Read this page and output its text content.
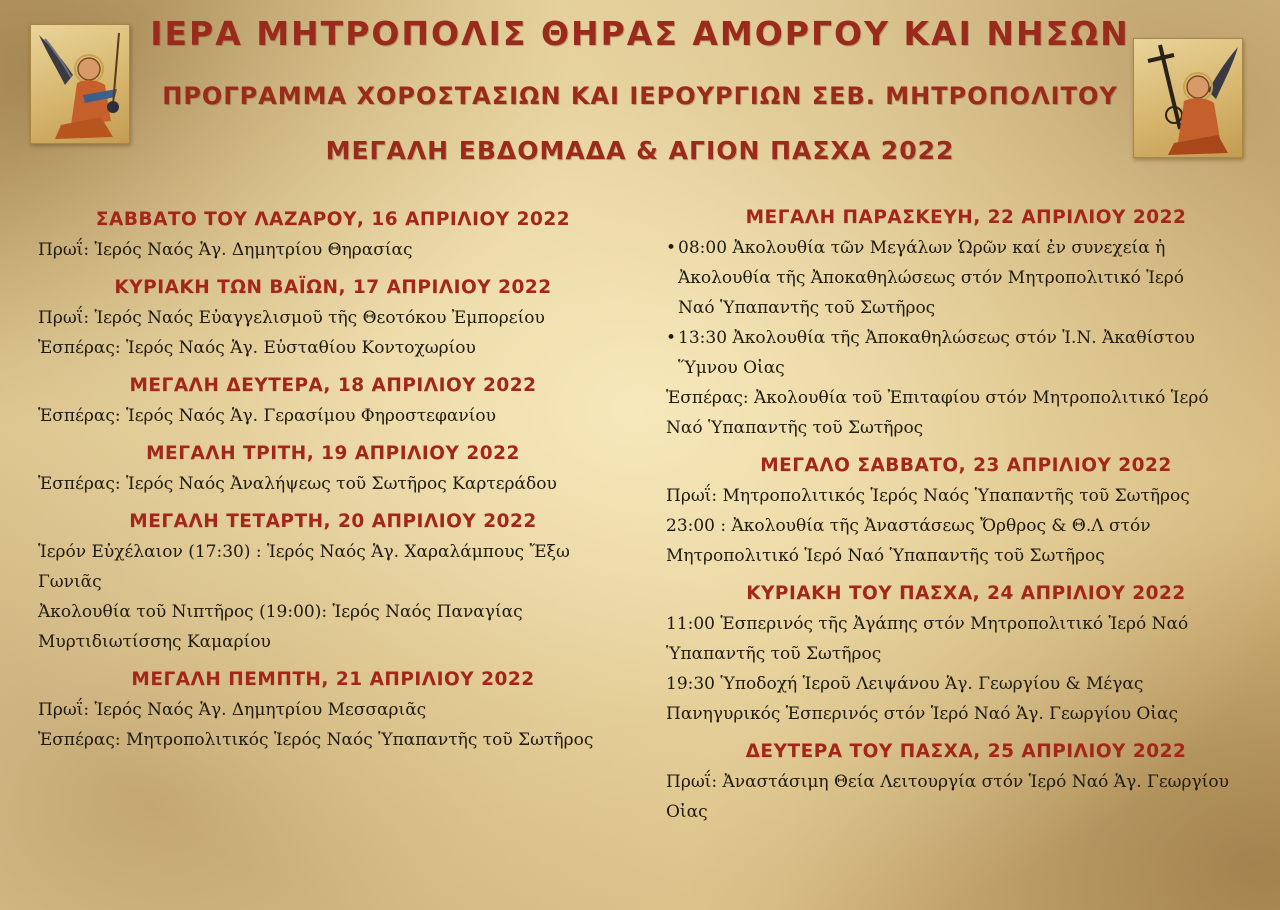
ΙΕΡΑ ΜΗΤΡΟΠΟΛΙΣ ΘΗΡΑΣ ΑΜΟΡΓΟΥ ΚΑΙ ΝΗΣΩΝ
ΠΡΟΓΡΑΜΜΑ ΧΟΡΟΣΤΑΣΙΩΝ ΚΑΙ ΙΕΡΟΥΡΓΙΩΝ ΣΕΒ. ΜΗΤΡΟΠΟΛΙΤΟΥ
ΜΕΓΑΛΗ ΕΒΔΟΜΑΔΑ & ΑΓΙΟΝ ΠΑΣΧΑ 2022
ΣΑΒΒΑΤΟ ΤΟΥ ΛΑΖΑΡΟΥ, 16 ΑΠΡΙΛΙΟΥ 2022
Πρωΐ: Ἱερός Ναός Ἁγ. Δημητρίου Θηρασίας
ΚΥΡΙΑΚΗ ΤΩΝ ΒΑΪΩΝ, 17 ΑΠΡΙΛΙΟΥ 2022
Πρωΐ: Ἱερός Ναός Εὐαγγελισμοῦ τῆς Θεοτόκου Ἐμπορείου
Ἑσπέρας: Ἱερός Ναός Ἁγ. Εὐσταθίου Κοντοχωρίου
ΜΕΓΑΛΗ ΔΕΥΤΕΡΑ, 18 ΑΠΡΙΛΙΟΥ 2022
Ἑσπέρας: Ἱερός Ναός Ἁγ. Γερασίμου Φηροστεφανίου
ΜΕΓΑΛΗ ΤΡΙΤΗ, 19 ΑΠΡΙΛΙΟΥ 2022
Ἑσπέρας: Ἱερός Ναός Ἀναλήψεως τοῦ Σωτῆρος Καρτεράδου
ΜΕΓΑΛΗ ΤΕΤΑΡΤΗ, 20 ΑΠΡΙΛΙΟΥ 2022
Ἱερόν Εὐχέλαιον (17:30) : Ἱερός Ναός Ἁγ. Χαραλάμπους Ἔξω
Γωνιᾶς
Ἀκολουθία τοῦ Νιπτῆρος (19:00): Ἱερός Ναός Παναγίας
Μυρτιδιωτίσσης Καμαρίου
ΜΕΓΑΛΗ ΠΕΜΠΤΗ, 21 ΑΠΡΙΛΙΟΥ 2022
Πρωΐ: Ἱερός Ναός Ἁγ. Δημητρίου Μεσσαριᾶς
Ἑσπέρας: Μητροπολιτικός Ἱερός Ναός Ὑπαπαντῆς τοῦ Σωτῆρος
ΜΕΓΑΛΗ ΠΑΡΑΣΚΕΥΗ, 22 ΑΠΡΙΛΙΟΥ 2022
• 08:00 Ἀκολουθία τῶν Μεγάλων Ὡρῶν καί ἐν συνεχεία ἡ
Ἀκολουθία τῆς Ἀποκαθηλώσεως στόν Μητροπολιτικό Ἱερό
Ναό Ὑπαπαντῆς τοῦ Σωτῆρος
• 13:30 Ἀκολουθία τῆς Ἀποκαθηλώσεως στόν Ἱ.Ν. Ἀκαθίστου
Ὕμνου Οἰας
Ἑσπέρας: Ἀκολουθία τοῦ Ἐπιταφίου στόν Μητροπολιτικό Ἱερό
Ναό Ὑπαπαντῆς τοῦ Σωτῆρος
ΜΕΓΑΛΟ ΣΑΒΒΑΤΟ, 23 ΑΠΡΙΛΙΟΥ 2022
Πρωΐ: Μητροπολιτικός Ἱερός Ναός Ὑπαπαντῆς τοῦ Σωτῆρος
23:00 : Ἀκολουθία τῆς Ἀναστάσεως Ὄρθρος & Θ.Λ στόν
Μητροπολιτικό Ἱερό Ναό Ὑπαπαντῆς τοῦ Σωτῆρος
ΚΥΡΙΑΚΗ ΤΟΥ ΠΑΣΧΑ, 24 ΑΠΡΙΛΙΟΥ 2022
11:00 Ἑσπερινός τῆς Ἀγάπης στόν Μητροπολιτικό Ἱερό Ναό
Ὑπαπαντῆς τοῦ Σωτῆρος
19:30 Ὑποδοχή Ἱεροῦ Λειψάνου Ἁγ. Γεωργίου & Μέγας
Πανηγυρικός Ἑσπερινός στόν Ἱερό Ναό Ἁγ. Γεωργίου Οἰας
ΔΕΥΤΕΡΑ ΤΟΥ ΠΑΣΧΑ, 25 ΑΠΡΙΛΙΟΥ 2022
Πρωΐ: Ἀναστάσιμη Θεία Λειτουργία στόν Ἱερό Ναό Ἁγ. Γεωργίου
Οἰας
